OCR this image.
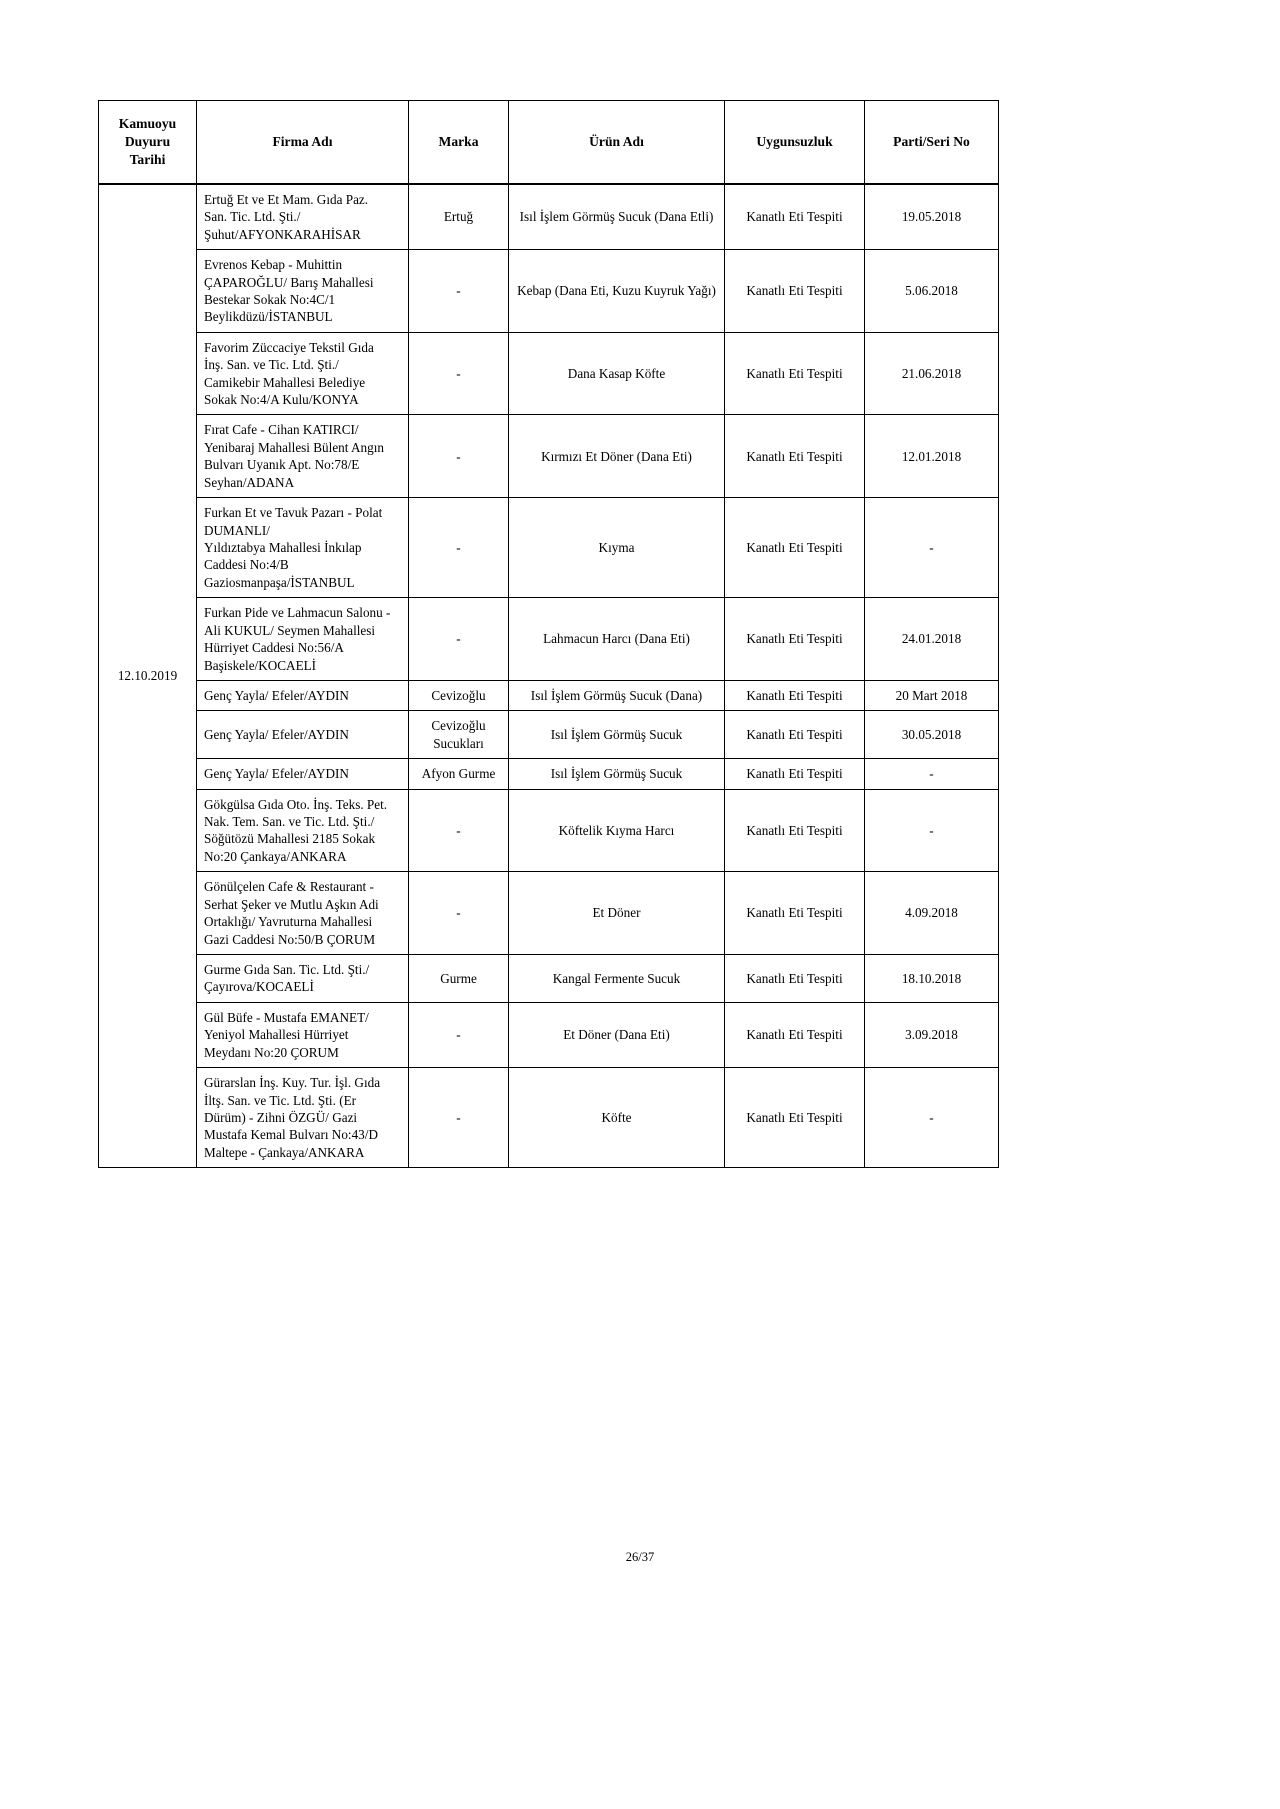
Kamuoyu
Duyuru Tarihi	Firma Adı	Marka	Ürün Adı	Uygunsuzluk	Parti/Seri No
12.10.2019	Ertuğ Et ve Et Mam. Gıda Paz.
San. Tic. Ltd. Şti./
Şuhut/AFYONKARAHİSAR	Ertuğ	Isıl İşlem Görmüş Sucuk (Dana Etli)	Kanatlı Eti Tespiti	19.05.2018

	Evrenos Kebap - Muhittin
ÇAPAROĞLU/ Barış Mahallesi
Bestekar Sokak No:4C/1
Beylikdüzü/İSTANBUL	-	Kebap (Dana Eti, Kuzu Kuyruk Yağı)	Kanatlı Eti Tespiti	5.06.2018

	Favorim Züccaciye Tekstil Gıda
İnş. San. ve Tic. Ltd. Şti./
Camikebir Mahallesi Belediye
Sokak No:4/A Kulu/KONYA	-	Dana Kasap Köfte	Kanatlı Eti Tespiti	21.06.2018

	Fırat Cafe - Cihan KATIRCI/
Yenibaraj Mahallesi Bülent Angın
Bulvarı Uyanık Apt. No:78/E
Seyhan/ADANA	-	Kırmızı Et Döner (Dana Eti)	Kanatlı Eti Tespiti	12.01.2018

	Furkan Et ve Tavuk Pazarı - Polat
DUMANLI/
Yıldıztabya Mahallesi İnkılap
Caddesi No:4/B
Gaziosmanpaşa/İSTANBUL	-	Kıyma	Kanatlı Eti Tespiti	-

	Furkan Pide ve Lahmacun Salonu -
Ali KUKUL/ Seymen Mahallesi
Hürriyet Caddesi No:56/A
Başiskele/KOCAELİ	-	Lahmacun Harcı (Dana Eti)	Kanatlı Eti Tespiti	24.01.2018

	Genç Yayla/ Efeler/AYDIN	Cevizoğlu	Isıl İşlem Görmüş Sucuk (Dana)	Kanatlı Eti Tespiti	20 Mart 2018

	Genç Yayla/ Efeler/AYDIN	Cevizoğlu Sucukları	Isıl İşlem Görmüş Sucuk	Kanatlı Eti Tespiti	30.05.2018

	Genç Yayla/ Efeler/AYDIN	Afyon Gurme	Isıl İşlem Görmüş Sucuk	Kanatlı Eti Tespiti	-

	Gökgülsa Gıda Oto. İnş. Teks. Pet.
Nak. Tem. San. ve Tic. Ltd. Şti./
Söğütözü Mahallesi 2185 Sokak
No:20 Çankaya/ANKARA	-	Köftelik Kıyma Harcı	Kanatlı Eti Tespiti	-

	Gönülçelen Cafe & Restaurant -
Serhat Şeker ve Mutlu Aşkın Adi
Ortaklığı/ Yavruturna Mahallesi
Gazi Caddesi No:50/B ÇORUM	-	Et Döner	Kanatlı Eti Tespiti	4.09.2018

	Gurme Gıda San. Tic. Ltd. Şti./
Çayırova/KOCAELİ	Gurme	Kangal Fermente Sucuk	Kanatlı Eti Tespiti	18.10.2018

	Gül Büfe - Mustafa EMANET/
Yeniyol Mahallesi Hürriyet
Meydanı No:20 ÇORUM	-	Et Döner (Dana Eti)	Kanatlı Eti Tespiti	3.09.2018

	Gürarslan İnş. Kuy. Tur. İşl. Gıda
İltş. San. ve Tic. Ltd. Şti. (Er
Dürüm) - Zihni ÖZGÜ/ Gazi
Mustafa Kemal Bulvarı No:43/D
Maltepe - Çankaya/ANKARA	-	Köfte	Kanatlı Eti Tespiti	-
26/37
